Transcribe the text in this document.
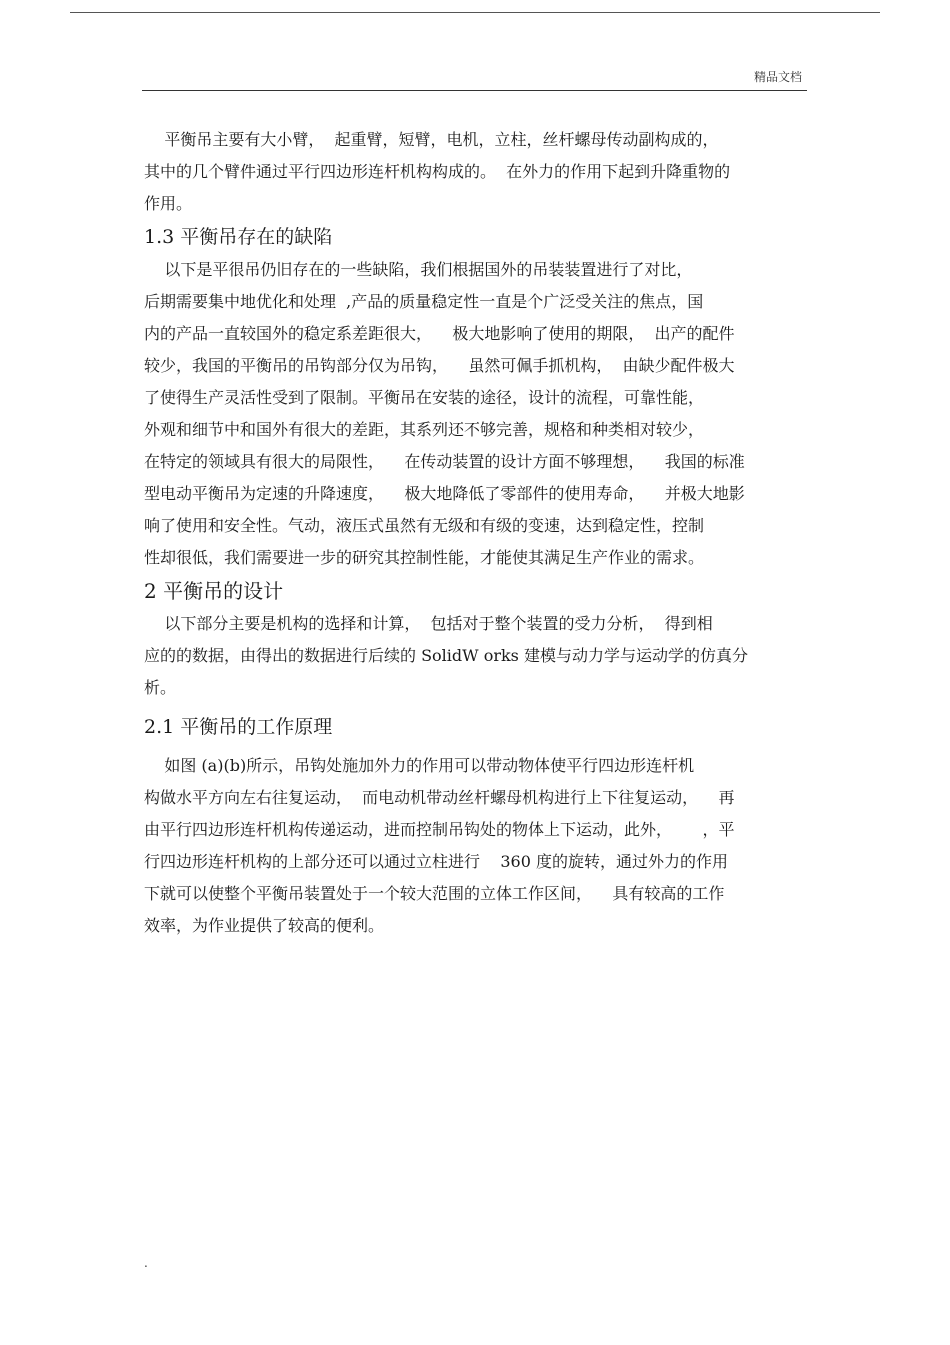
精品文档
平衡吊主要有大小臂，  起重臂，短臂，电机，立柱，丝杆螺母传动副构成的，
其中的几个臂件通过平行四边形连杆机构构成的。  在外力的作用下起到升降重物的
作用。
1.3 平衡吊存在的缺陷
以下是平很吊仍旧存在的一些缺陷，我们根据国外的吊装装置进行了对比，
后期需要集中地优化和处理  ,产品的质量稳定性一直是个广泛受关注的焦点，国
内的产品一直较国外的稳定系差距很大，    极大地影响了使用的期限，  出产的配件
较少，我国的平衡吊的吊钩部分仅为吊钩，    虽然可佩手抓机构，  由缺少配件极大
了使得生产灵活性受到了限制。平衡吊在安装的途径，设计的流程，可靠性能，
外观和细节中和国外有很大的差距，其系列还不够完善，规格和种类相对较少，
在特定的领域具有很大的局限性，    在传动装置的设计方面不够理想，    我国的标准
型电动平衡吊为定速的升降速度，    极大地降低了零部件的使用寿命，    并极大地影
响了使用和安全性。气动，液压式虽然有无级和有级的变速，达到稳定性，控制
性却很低，我们需要进一步的研究其控制性能，才能使其满足生产作业的需求。
2 平衡吊的设计
以下部分主要是机构的选择和计算，  包括对于整个装置的受力分析，  得到相
应的的数据，由得出的数据进行后续的 SolidW orks 建模与动力学与运动学的仿真分
析。
2.1 平衡吊的工作原理
如图 (a)(b)所示，吊钩处施加外力的作用可以带动物体使平行四边形连杆机
构做水平方向左右往复运动，  而电动机带动丝杆螺母机构进行上下往复运动，    再
由平行四边形连杆机构传递运动，进而控制吊钩处的物体上下运动，此外，      ，平
行四边形连杆机构的上部分还可以通过立柱进行    360 度的旋转，通过外力的作用
下就可以使整个平衡吊装置处于一个较大范围的立体工作区间，    具有较高的工作
效率，为作业提供了较高的便利。
.
